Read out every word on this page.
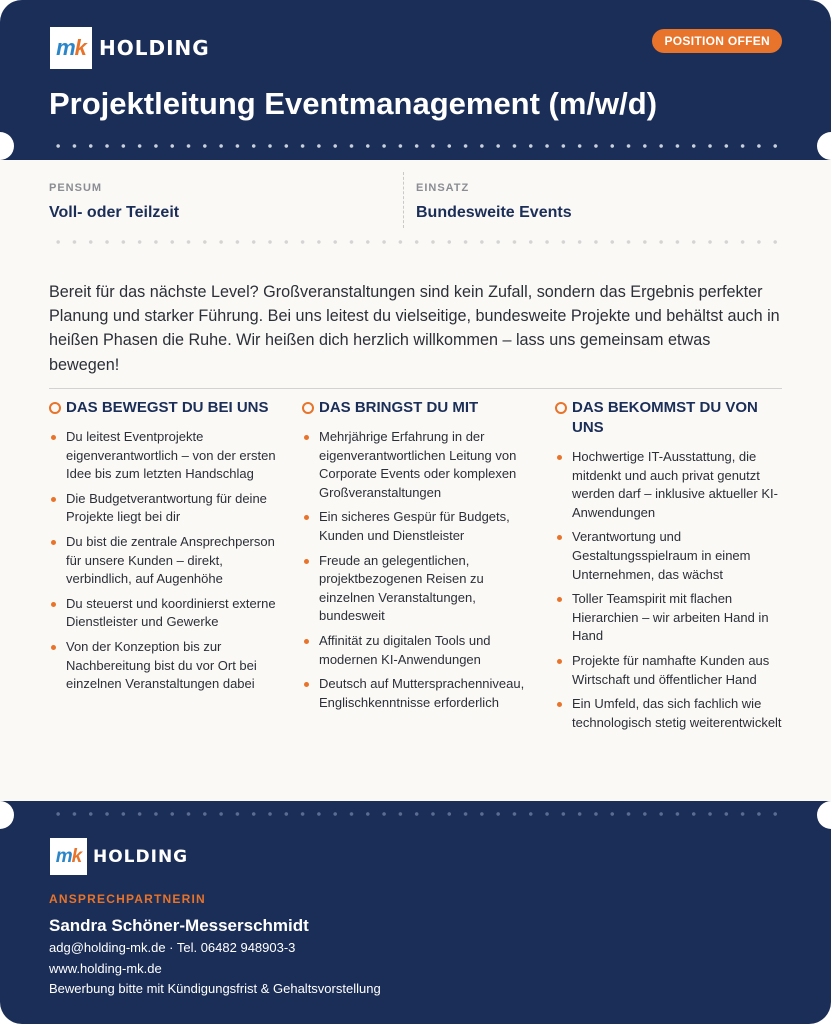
m k HOLDING	POSITION OFFEN
Projektleitung Eventmanagement (m/w/d)
PENSUM
Voll- oder Teilzeit
EINSATZ
Bundesweite Events

Bereit für das nächste Level? Großveranstaltungen sind kein Zufall, sondern das Ergebnis perfekter Planung und starker Führung. Bei uns leitest du vielseitige, bundesweite Projekte und behältst auch in heißen Phasen die Ruhe. Wir heißen dich herzlich willkommen – lass uns gemeinsam etwas bewegen!

DAS BEWEGST DU BEI UNS
Du leitest Eventprojekte eigenverantwortlich – von der ersten Idee bis zum letzten Handschlag
Die Budgetverantwortung für deine Projekte liegt bei dir
Du bist die zentrale Ansprechperson für unsere Kunden – direkt, verbindlich, auf Augenhöhe
Du steuerst und koordinierst externe Dienstleister und Gewerke
Von der Konzeption bis zur Nachbereitung bist du vor Ort bei einzelnen Veranstaltungen dabei
DAS BRINGST DU MIT
Mehrjährige Erfahrung in der eigenverantwortlichen Leitung von Corporate Events oder komplexen Großveranstaltungen
Ein sicheres Gespür für Budgets, Kunden und Dienstleister
Freude an gelegentlichen, projektbezogenen Reisen zu einzelnen Veranstaltungen, bundesweit
Affinität zu digitalen Tools und modernen KI-Anwendungen
Deutsch auf Muttersprachenniveau, Englischkenntnisse erforderlich
DAS BEKOMMST DU VON UNS
Hochwertige IT-Ausstattung, die mitdenkt und auch privat genutzt werden darf – inklusive aktueller KI-Anwendungen
Verantwortung und Gestaltungsspielraum in einem Unternehmen, das wächst
Toller Teamspirit mit flachen Hierarchien – wir arbeiten Hand in Hand
Projekte für namhafte Kunden aus Wirtschaft und öffentlicher Hand
Ein Umfeld, das sich fachlich wie technologisch stetig weiterentwickelt
m k HOLDING
ANSPRECHPARTNERIN
Sandra Schöner-Messerschmidt
adg@holding-mk.de · Tel. 06482 948903-3
www.holding-mk.de
Bewerbung bitte mit Kündigungsfrist & Gehaltsvorstellung
